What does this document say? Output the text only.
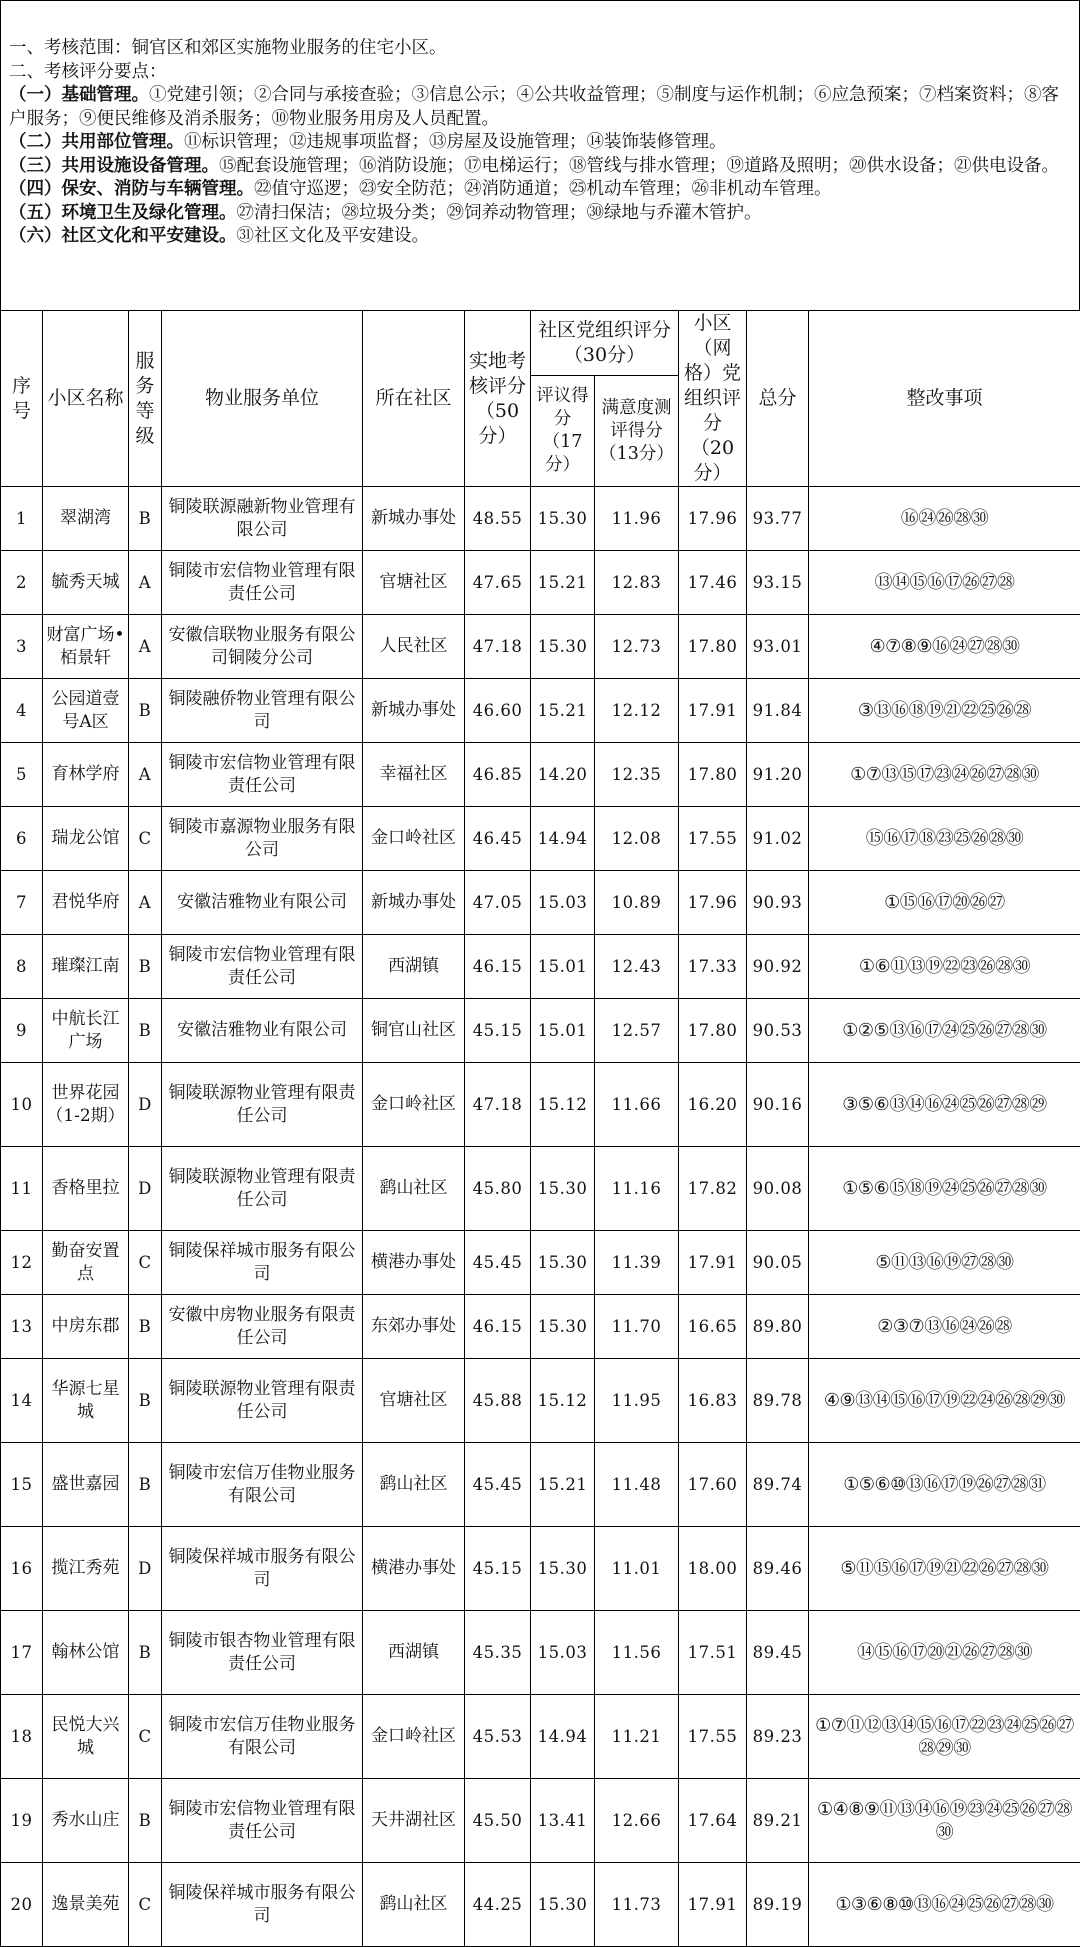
一、考核范围：铜官区和郊区实施物业服务的住宅小区。
二、考核评分要点：
（一）基础管理。①党建引领；②合同与承接查验；③信息公示；④公共收益管理；⑤制度与运作机制；⑥应急预案；⑦档案资料；⑧客户服务；⑨便民维修及消杀服务；⑩物业服务用房及人员配置。
（二）共用部位管理。⑪标识管理；⑫违规事项监督；⑬房屋及设施管理；⑭装饰装修管理。
（三）共用设施设备管理。⑮配套设施管理；⑯消防设施；⑰电梯运行；⑱管线与排水管理；⑲道路及照明；⑳供水设备；㉑供电设备。
（四）保安、消防与车辆管理。㉒值守巡逻；㉓安全防范；㉔消防通道；㉕机动车管理；㉖非机动车管理。
（五）环境卫生及绿化管理。㉗清扫保洁；㉘垃圾分类；㉙饲养动物管理；㉚绿地与乔灌木管护。
（六）社区文化和平安建设。㉛社区文化及平安建设。
序号	小区名称	服务等级	物业服务单位	所在社区	实地考核评分（50分）	社区党组织评分（30分）		小区（网格）党组织评分（20分）	总分	整改事项
						评议得分（17分）	满意度测评得分（13分）			
1	翠湖湾	B	铜陵联源融新物业管理有限公司	新城办事处	48.55	15.30	11.96	17.96	93.77	⑯㉔㉖㉘㉚
2	毓秀天城	A	铜陵市宏信物业管理有限责任公司	官塘社区	47.65	15.21	12.83	17.46	93.15	⑬⑭⑮⑯⑰㉖㉗㉘
3	财富广场•栢景轩	A	安徽信联物业服务有限公司铜陵分公司	人民社区	47.18	15.30	12.73	17.80	93.01	④⑦⑧⑨⑯㉔㉗㉘㉚
4	公园道壹号A区	B	铜陵融侨物业管理有限公司	新城办事处	46.60	15.21	12.12	17.91	91.84	③⑬⑯⑱⑲㉑㉒㉕㉖㉘
5	育林学府	A	铜陵市宏信物业管理有限责任公司	幸福社区	46.85	14.20	12.35	17.80	91.20	①⑦⑬⑮⑰㉓㉔㉖㉗㉘㉚
6	瑞龙公馆	C	铜陵市嘉源物业服务有限公司	金口岭社区	46.45	14.94	12.08	17.55	91.02	⑮⑯⑰⑱㉓㉕㉖㉘㉚
7	君悦华府	A	安徽洁雅物业有限公司	新城办事处	47.05	15.03	10.89	17.96	90.93	①⑮⑯⑰⑳㉖㉗
8	璀璨江南	B	铜陵市宏信物业管理有限责任公司	西湖镇	46.15	15.01	12.43	17.33	90.92	①⑥⑪⑬⑲㉒㉓㉖㉘㉚
9	中航长江广场	B	安徽洁雅物业有限公司	铜官山社区	45.15	15.01	12.57	17.80	90.53	①②⑤⑬⑯⑰㉔㉕㉖㉗㉘㉚
10	世界花园（1-2期）	D	铜陵联源物业管理有限责任公司	金口岭社区	47.18	15.12	11.66	16.20	90.16	③⑤⑥⑬⑭⑯㉔㉕㉖㉗㉘㉙
11	香格里拉	D	铜陵联源物业管理有限责任公司	鹞山社区	45.80	15.30	11.16	17.82	90.08	①⑤⑥⑮⑱⑲㉔㉕㉖㉗㉘㉚
12	勤奋安置点	C	铜陵保祥城市服务有限公司	横港办事处	45.45	15.30	11.39	17.91	90.05	⑤⑪⑬⑯⑲㉗㉘㉚
13	中房东郡	B	安徽中房物业服务有限责任公司	东郊办事处	46.15	15.30	11.70	16.65	89.80	②③⑦⑬⑯㉔㉖㉘
14	华源七星城	B	铜陵联源物业管理有限责任公司	官塘社区	45.88	15.12	11.95	16.83	89.78	④⑨⑬⑭⑮⑯⑰⑲㉒㉔㉖㉘㉙㉚
15	盛世嘉园	B	铜陵市宏信万佳物业服务有限公司	鹞山社区	45.45	15.21	11.48	17.60	89.74	①⑤⑥⑩⑬⑯⑰⑲㉖㉗㉘㉛
16	揽江秀苑	D	铜陵保祥城市服务有限公司	横港办事处	45.15	15.30	11.01	18.00	89.46	⑤⑪⑮⑯⑰⑲㉑㉒㉖㉗㉘㉚
17	翰林公馆	B	铜陵市银杏物业管理有限责任公司	西湖镇	45.35	15.03	11.56	17.51	89.45	⑭⑮⑯⑰⑳㉑㉖㉗㉘㉚
18	民悦大兴城	C	铜陵市宏信万佳物业服务有限公司	金口岭社区	45.53	14.94	11.21	17.55	89.23	①⑦⑪⑫⑬⑭⑮⑯⑰㉒㉓㉔㉕㉖㉗㉘㉙㉚
19	秀水山庄	B	铜陵市宏信物业管理有限责任公司	天井湖社区	45.50	13.41	12.66	17.64	89.21	①④⑧⑨⑪⑬⑭⑯⑲㉓㉔㉕㉖㉗㉘㉚
20	逸景美苑	C	铜陵保祥城市服务有限公司	鹞山社区	44.25	15.30	11.73	17.91	89.19	①③⑥⑧⑩⑬⑯㉔㉕㉖㉗㉘㉚
